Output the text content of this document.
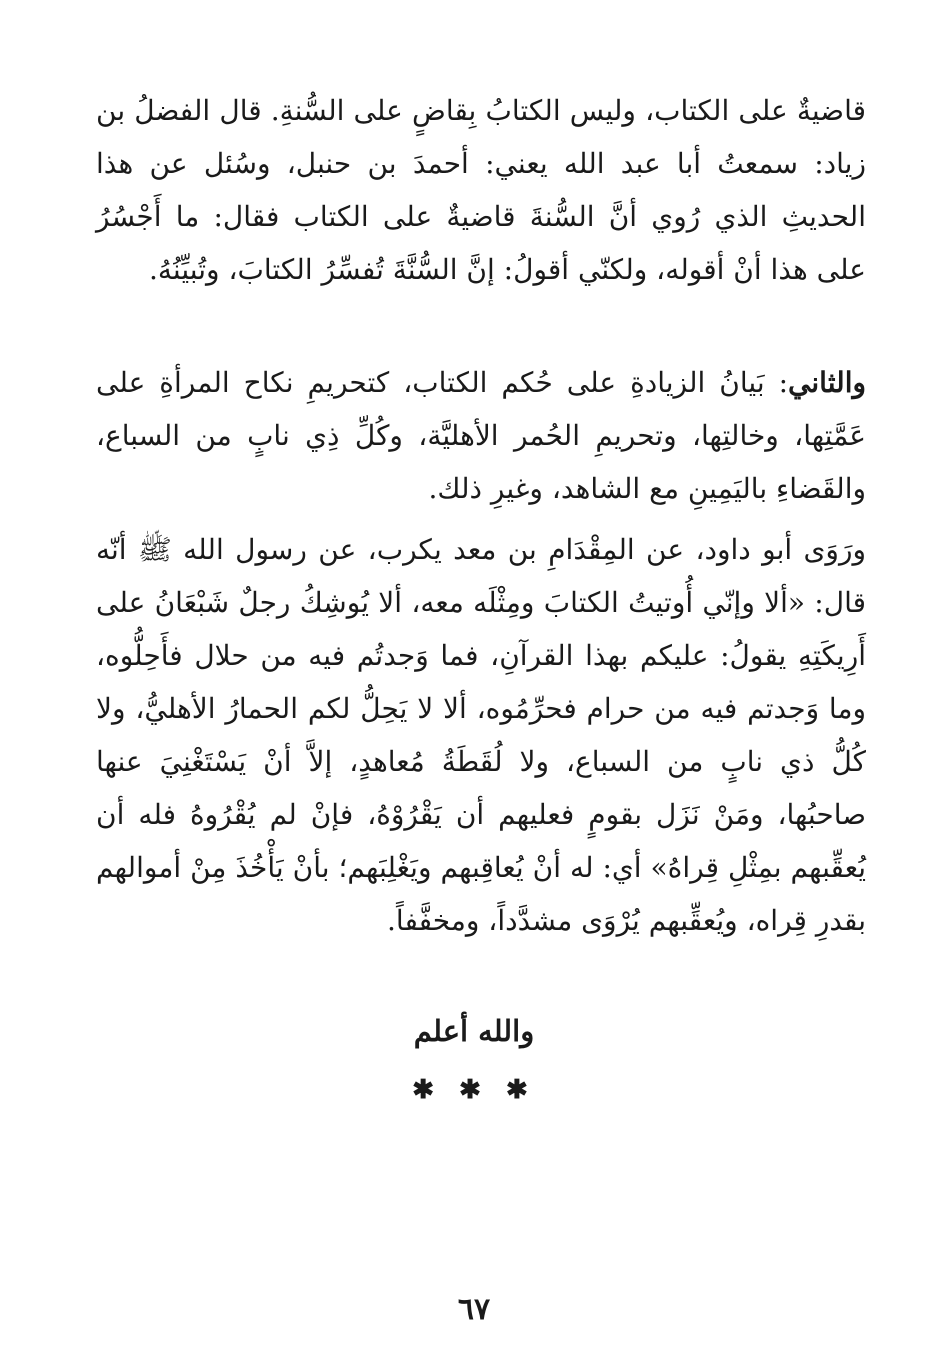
قاضيةٌ على الكتاب، وليس الكتابُ بِقاضٍ على السُّنةِ. قال الفضلُ بن زياد: سمعتُ أبا عبد الله يعني: أحمدَ بن حنبل، وسُئل عن هذا الحديثِ الذي رُوي أنَّ السُّنةَ قاضيةٌ على الكتاب فقال: ما أَجْسُرُ على هذا أنْ أقوله، ولكنّي أقولُ: إنَّ السُّنَّةَ تُفسِّرُ الكتابَ، وتُبيِّنُهُ.

والثاني: بَيانُ الزيادةِ على حُكم الكتاب، كتحريمِ نكاح المرأةِ على عَمَّتِها، وخالتِها، وتحريمِ الحُمر الأهليَّة، وكُلِّ ذِي نابٍ من السباع، والقَضاءِ باليَمِينِ مع الشاهد، وغيرِ ذلك.

ورَوَى أبو داود، عن المِقْدَامِ بن معد يكرب، عن رسول الله ﷺ أنّه قال: «ألا وإنّي أُوتيتُ الكتابَ ومِثْلَه معه، ألا يُوشِكُ رجلٌ شَبْعَانُ على أَرِيكَتِهِ يقولُ: عليكم بهذا القرآنِ، فما وَجدتُم فيه من حلال فأَحِلُّوه، وما وَجدتم فيه من حرام فحرِّمُوه، ألا لا يَحِلُّ لكم الحمارُ الأهليُّ، ولا كُلُّ ذي نابٍ من السباع، ولا لُقَطَةُ مُعاهدٍ، إلاَّ أنْ يَسْتَغْنِيَ عنها صاحبُها، ومَنْ نَزَل بقومٍ فعليهم أن يَقْرُوْهُ، فإنْ لم يُقْرُوهُ فله أن يُعقِّبهم بمِثْلِ قِراهُ» أي: له أنْ يُعاقِبهم ويَغْلِبَهم؛ بأنْ يَأْخُذَ مِنْ أموالهم بقدرِ قِراه، ويُعقِّبهم يُرْوَى مشدَّداً، ومخفَّفاً.

والله أعلم

✱ ✱ ✱
٦٧
